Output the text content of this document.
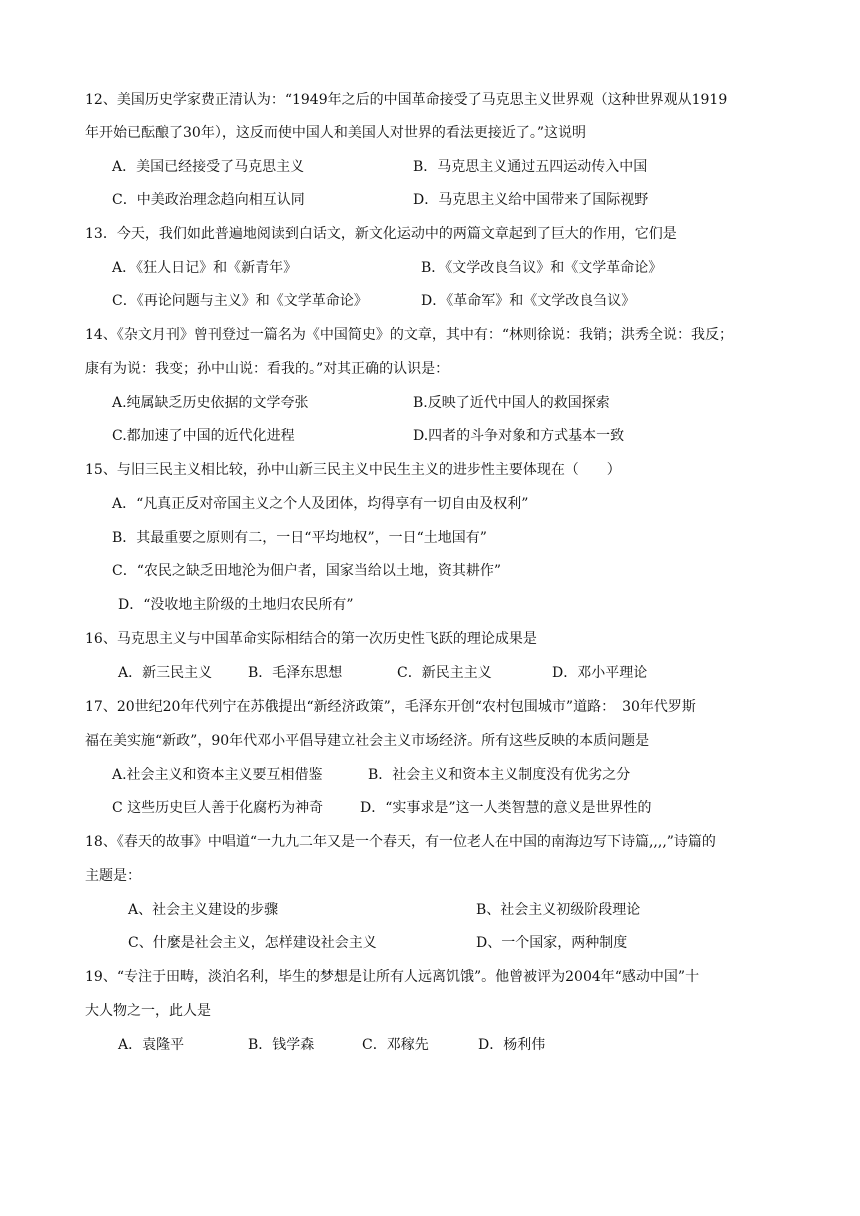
12、美国历史学家费正清认为：“1949年之后的中国革命接受了马克思主义世界观（这种世界观从1919
年开始已酝酿了30年），这反而使中国人和美国人对世界的看法更接近了。”这说明
A．美国已经接受了马克思主义	B．马克思主义通过五四运动传入中国
C．中美政治理念趋向相互认同	D．马克思主义给中国带来了国际视野
13．今天，我们如此普遍地阅读到白话文，新文化运动中的两篇文章起到了巨大的作用，它们是
A．《狂人日记》和《新青年》	B．《文学改良刍议》和《文学革命论》
C．《再论问题与主义》和《文学革命论》	D．《革命军》和《文学改良刍议》
14、《杂文月刊》曾刊登过一篇名为《中国简史》的文章，其中有：“林则徐说：我销；洪秀全说：我反；
康有为说：我变；孙中山说：看我的。”对其正确的认识是：
A.纯属缺乏历史依据的文学夸张	B.反映了近代中国人的救国探索
C.都加速了中国的近代化进程	D.四者的斗争对象和方式基本一致
15、与旧三民主义相比较，孙中山新三民主义中民生主义的进步性主要体现在（　　）
A．“凡真正反对帝国主义之个人及团体，均得享有一切自由及权利”
B．其最重要之原则有二，一日“平均地权”，一日“土地国有”
C．“农民之缺乏田地沦为佃户者，国家当给以土地，资其耕作”
D．“没收地主阶级的土地归农民所有”
16、马克思主义与中国革命实际相结合的第一次历史性飞跃的理论成果是
A．新三民主义	B．毛泽东思想	C．新民主主义	D．邓小平理论
17、20世纪20年代列宁在苏俄提出“新经济政策”，毛泽东开创“农村包围城市”道路：　30年代罗斯
福在美实施“新政”，90年代邓小平倡导建立社会主义市场经济。所有这些反映的本质问题是
A.社会主义和资本主义要互相借鉴	B．社会主义和资本主义制度没有优劣之分
C 这些历史巨人善于化腐朽为神奇	D．“实事求是”这一人类智慧的意义是世界性的
18、《春天的故事》中唱道“一九九二年又是一个春天，有一位老人在中国的南海边写下诗篇,,,,”诗篇的
主题是：
A、社会主义建设的步骤	B、社会主义初级阶段理论
C、什麼是社会主义，怎样建设社会主义	D、一个国家，两种制度
19、“专注于田畴，淡泊名利，毕生的梦想是让所有人远离饥饿”。他曾被评为2004年“感动中国”十
大人物之一，此人是
A．袁隆平	B．钱学森	C．邓稼先	D．杨利伟
